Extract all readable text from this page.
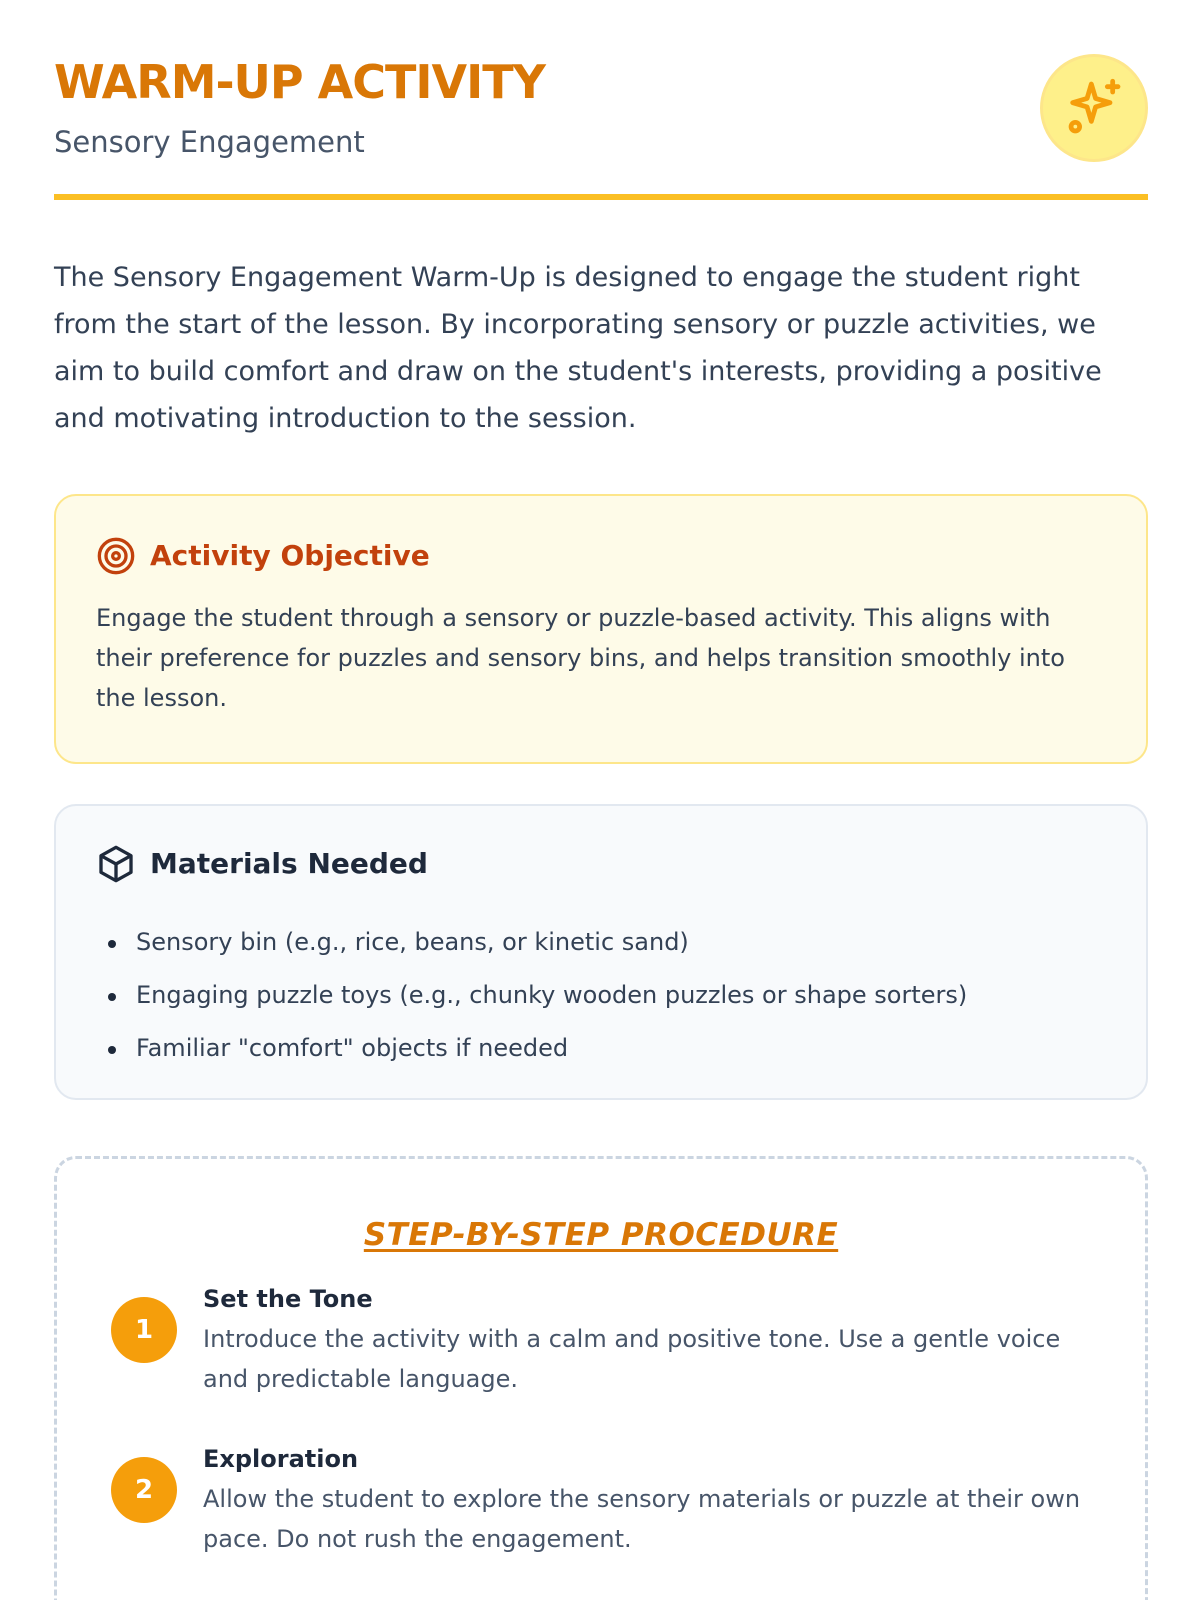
WARM-UP ACTIVITY
Sensory Engagement

The Sensory Engagement Warm-Up is designed to engage the student right from the start of the lesson. By incorporating sensory or puzzle activities, we aim to build comfort and draw on the student's interests, providing a positive and motivating introduction to the session.

Activity Objective

Engage the student through a sensory or puzzle-based activity. This aligns with their preference for puzzles and sensory bins, and helps transition smoothly into the lesson.

Materials Needed
Sensory bin (e.g., rice, beans, or kinetic sand)
Engaging puzzle toys (e.g., chunky wooden puzzles or shape sorters)
Familiar "comfort" objects if needed
STEP-BY-STEP PROCEDURE
1
Set the Tone
Introduce the activity with a calm and positive tone. Use a gentle voice and predictable language.
2
Exploration
Allow the student to explore the sensory materials or puzzle at their own pace. Do not rush the engagement.
